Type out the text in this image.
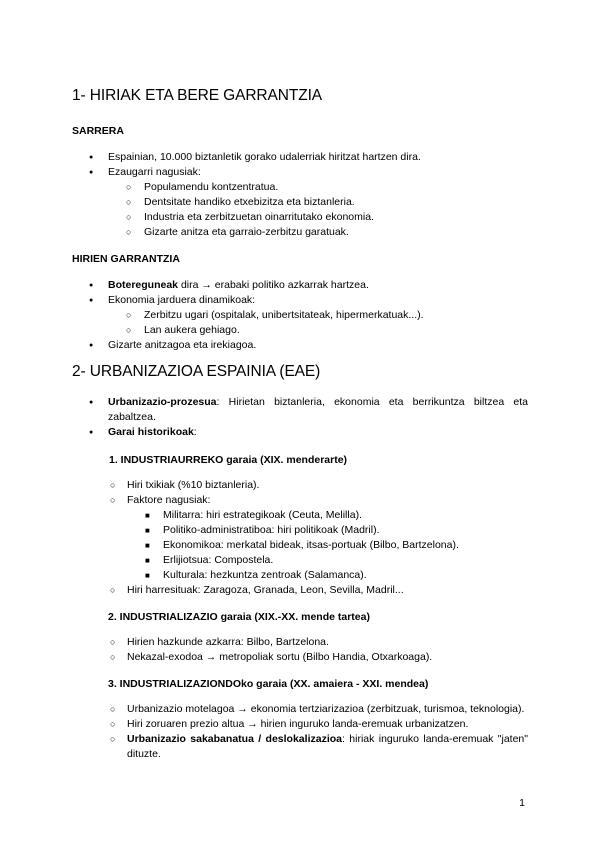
1- HIRIAK ETA BERE GARRANTZIA
SARRERA
● Espainian, 10.000 biztanletik gorako udalerriak hiritzat hartzen dira.
● Ezaugarri nagusiak:
○ Populamendu kontzentratua.
○ Dentsitate handiko etxebizitza eta biztanleria.
○ Industria eta zerbitzuetan oinarritutako ekonomia.
○ Gizarte anitza eta garraio-zerbitzu garatuak.
HIRIEN GARRANTZIA
● Botereguneak dira → erabaki politiko azkarrak hartzea.
● Ekonomia jarduera dinamikoak:
○ Zerbitzu ugari (ospitalak, unibertsitateak, hipermerkatuak...).
○ Lan aukera gehiago.
● Gizarte anitzagoa eta irekiagoa.
2- URBANIZAZIOA ESPAINIA (EAE)
● Urbanizazio-prozesua: Hirietan biztanleria, ekonomia eta berrikuntza biltzea eta zabaltzea.
● Garai historikoak:
1. INDUSTRIAURREKO garaia (XIX. menderarte)
○ Hiri txikiak (%10 biztanleria).
○ Faktore nagusiak:
■ Militarra: hiri estrategikoak (Ceuta, Melilla).
■ Politiko-administratiboa: hiri politikoak (Madril).
■ Ekonomikoa: merkatal bideak, itsas-portuak (Bilbo, Bartzelona).
■ Erlijiotsua: Compostela.
■ Kulturala: hezkuntza zentroak (Salamanca).
○ Hiri harresituak: Zaragoza, Granada, Leon, Sevilla, Madril...
2. INDUSTRIALIZAZIO garaia (XIX.-XX. mende tartea)
○ Hirien hazkunde azkarra: Bilbo, Bartzelona.
○ Nekazal-exodoa → metropoliak sortu (Bilbo Handia, Otxarkoaga).
3. INDUSTRIALIZAZIONDOko garaia (XX. amaiera - XXI. mendea)
○ Urbanizazio motelagoa → ekonomia tertziarizazioa (zerbitzuak, turismoa, teknologia).
○ Hiri zoruaren prezio altua → hirien inguruko landa-eremuak urbanizatzen.
○ Urbanizazio sakabanatua / deslokalizazioa: hiriak inguruko landa-eremuak "jaten" dituzte.
1
